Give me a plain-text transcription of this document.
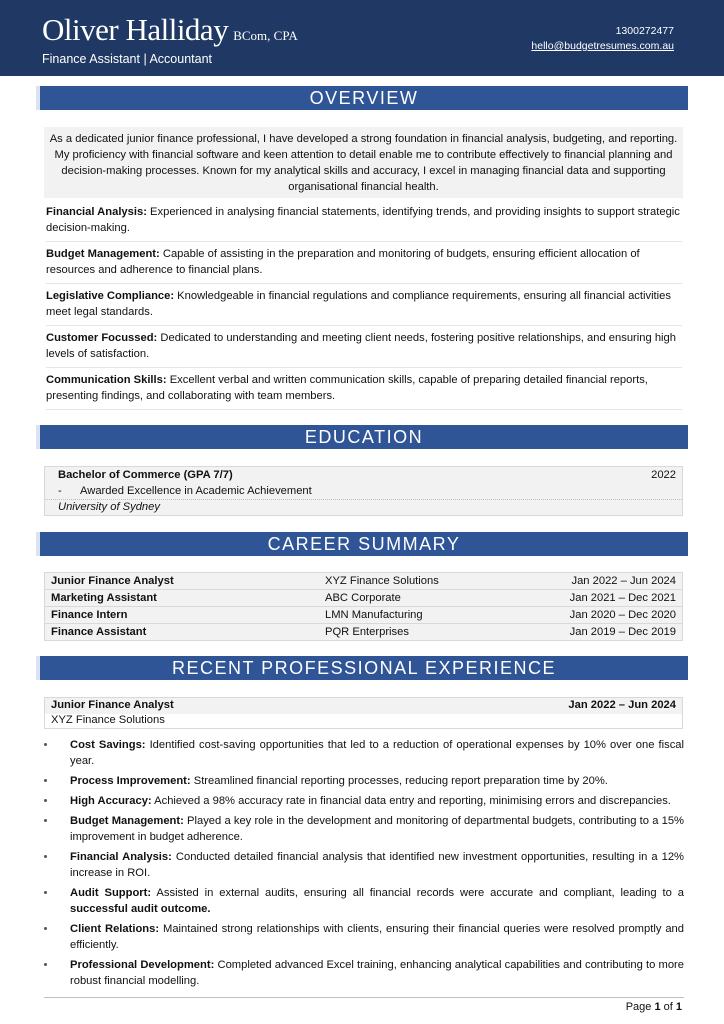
Oliver Halliday BCom, CPA
Finance Assistant | Accountant
1300272477
hello@budgetresumes.com.au
OVERVIEW
As a dedicated junior finance professional, I have developed a strong foundation in financial analysis, budgeting, and reporting. My proficiency with financial software and keen attention to detail enable me to contribute effectively to financial planning and decision-making processes. Known for my analytical skills and accuracy, I excel in managing financial data and supporting organisational financial health.
Financial Analysis: Experienced in analysing financial statements, identifying trends, and providing insights to support strategic decision-making.
Budget Management: Capable of assisting in the preparation and monitoring of budgets, ensuring efficient allocation of resources and adherence to financial plans.
Legislative Compliance: Knowledgeable in financial regulations and compliance requirements, ensuring all financial activities meet legal standards.
Customer Focussed: Dedicated to understanding and meeting client needs, fostering positive relationships, and ensuring high levels of satisfaction.
Communication Skills: Excellent verbal and written communication skills, capable of preparing detailed financial reports, presenting findings, and collaborating with team members.
EDUCATION
Bachelor of Commerce (GPA 7/7)	2022
- Awarded Excellence in Academic Achievement
University of Sydney
CAREER SUMMARY
Junior Finance Analyst	XYZ Finance Solutions	Jan 2022 – Jun 2024
Marketing Assistant	ABC Corporate	Jan 2021 – Dec 2021
Finance Intern	LMN Manufacturing	Jan 2020 – Dec 2020
Finance Assistant	PQR Enterprises	Jan 2019 – Dec 2019
RECENT PROFESSIONAL EXPERIENCE
Junior Finance Analyst	Jan 2022 – Jun 2024
XYZ Finance Solutions
Cost Savings: Identified cost-saving opportunities that led to a reduction of operational expenses by 10% over one fiscal year.
Process Improvement: Streamlined financial reporting processes, reducing report preparation time by 20%.
High Accuracy: Achieved a 98% accuracy rate in financial data entry and reporting, minimising errors and discrepancies.
Budget Management: Played a key role in the development and monitoring of departmental budgets, contributing to a 15% improvement in budget adherence.
Financial Analysis: Conducted detailed financial analysis that identified new investment opportunities, resulting in a 12% increase in ROI.
Audit Support: Assisted in external audits, ensuring all financial records were accurate and compliant, leading to a successful audit outcome.
Client Relations: Maintained strong relationships with clients, ensuring their financial queries were resolved promptly and efficiently.
Professional Development: Completed advanced Excel training, enhancing analytical capabilities and contributing to more robust financial modelling.
Page 1 of 1
